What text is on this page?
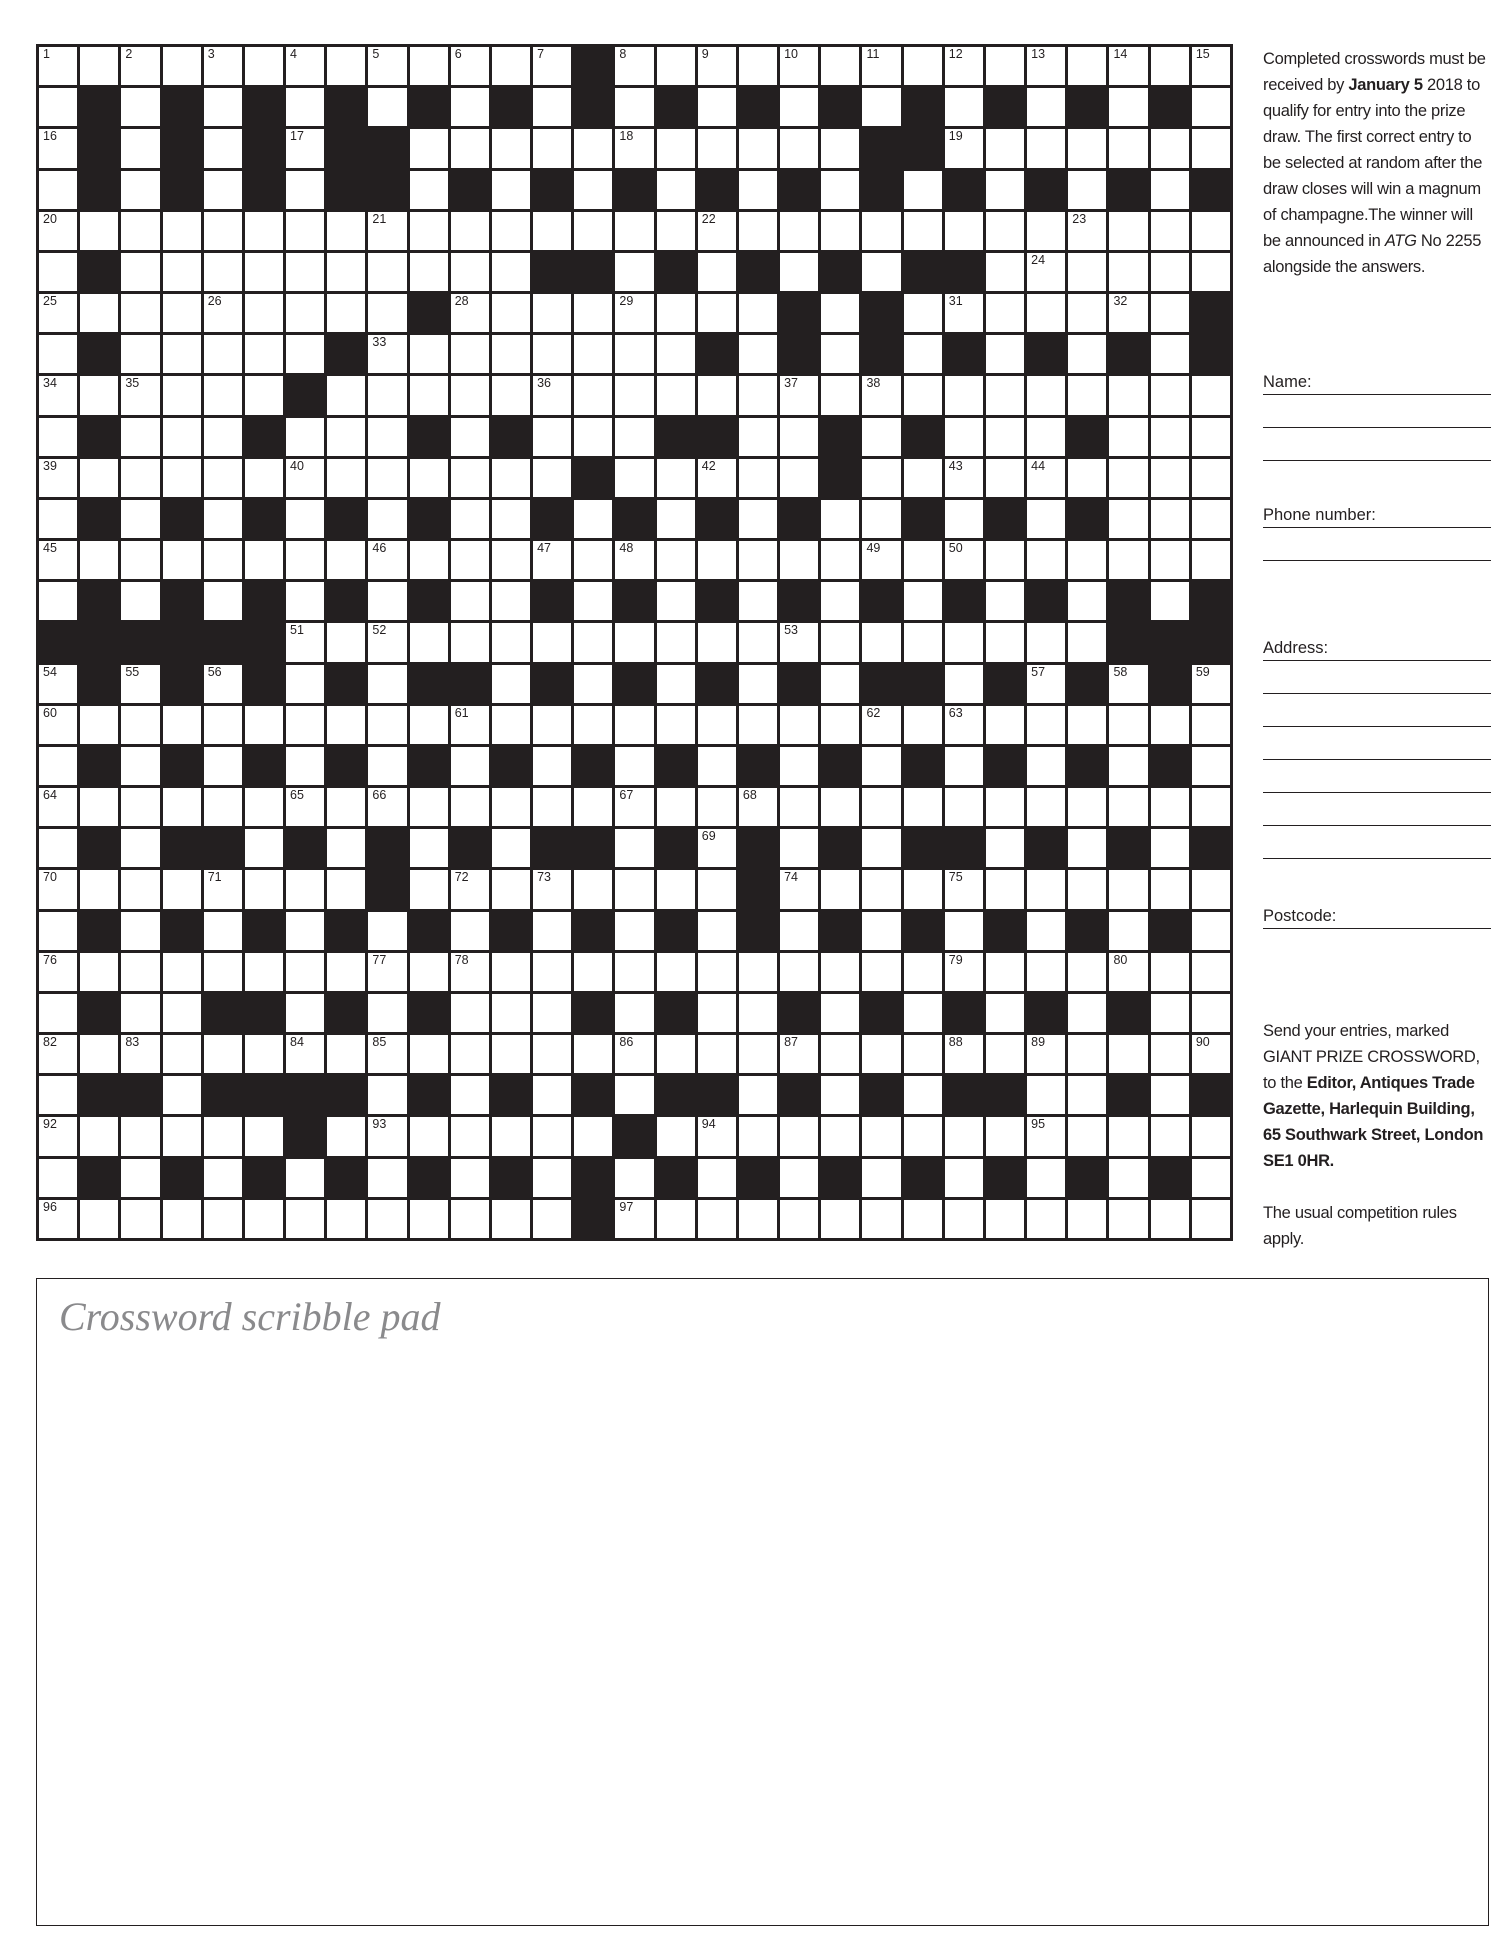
1	2	3	4	5	6	7	8	9	10	11	12	13	14	15
16	17	18	19
20	21	22	23
24
25	26	28	29	31	32
33
34	35	36	37	38
39	40	42	43	44
45	46	47	48	49	50
51	52	53
54	55	56	57	58	59
60	61	62	63
64	65	66	67	68
69
70	71	72	73	74	75
76	77	78	79	80
82	83	84	85	86	87	88	89	90
92	93	94	95
96	97

Completed crosswords must be received by January 5 2018 to qualify for entry into the prize draw. The first correct entry to be selected at random after the draw closes will win a magnum of champagne.The winner will be announced in ATG No 2255 alongside the answers.

Name:
Phone number:
Address:
Postcode:

Send your entries, marked GIANT PRIZE CROSSWORD, to the Editor, Antiques Trade Gazette, Harlequin Building, 65 Southwark Street, London SE1 0HR.

The usual competition rules apply.

Crossword scribble pad
